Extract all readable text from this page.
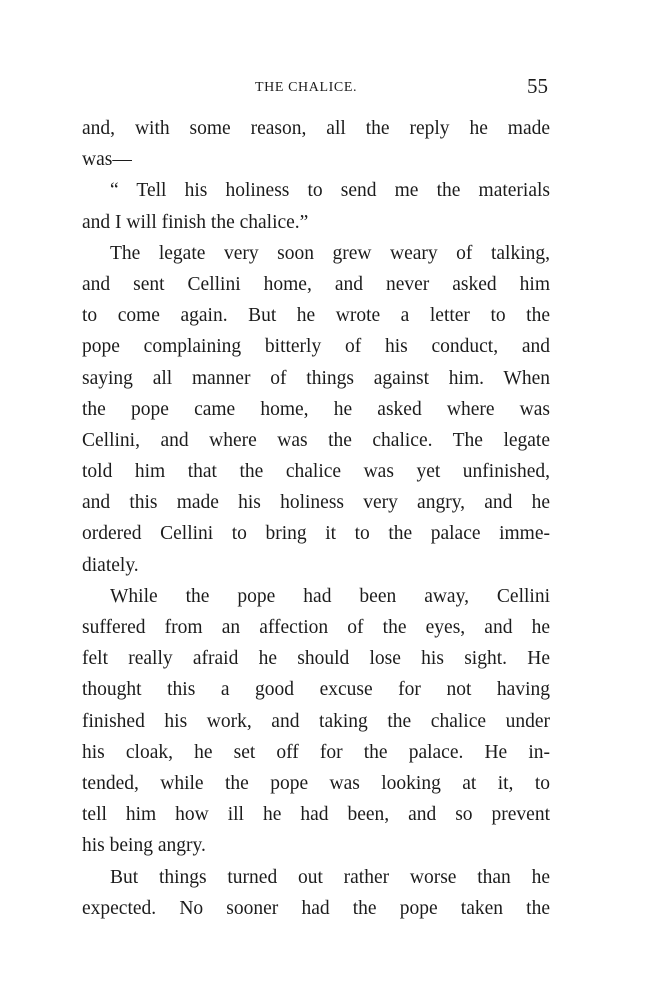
THE CHALICE.	55
and, with some reason, all the reply he made
was—
“ Tell his holiness to send me the materials
and I will finish the chalice.”
The legate very soon grew weary of talking,
and sent Cellini home, and never asked him
to come again. But he wrote a letter to the
pope complaining bitterly of his conduct, and
saying all manner of things against him. When
the pope came home, he asked where was
Cellini, and where was the chalice. The legate
told him that the chalice was yet unfinished,
and this made his holiness very angry, and he
ordered Cellini to bring it to the palace imme-
diately.
While the pope had been away, Cellini
suffered from an affection of the eyes, and he
felt really afraid he should lose his sight. He
thought this a good excuse for not having
finished his work, and taking the chalice under
his cloak, he set off for the palace. He in-
tended, while the pope was looking at it, to
tell him how ill he had been, and so prevent
his being angry.
But things turned out rather worse than he
expected. No sooner had the pope taken the
